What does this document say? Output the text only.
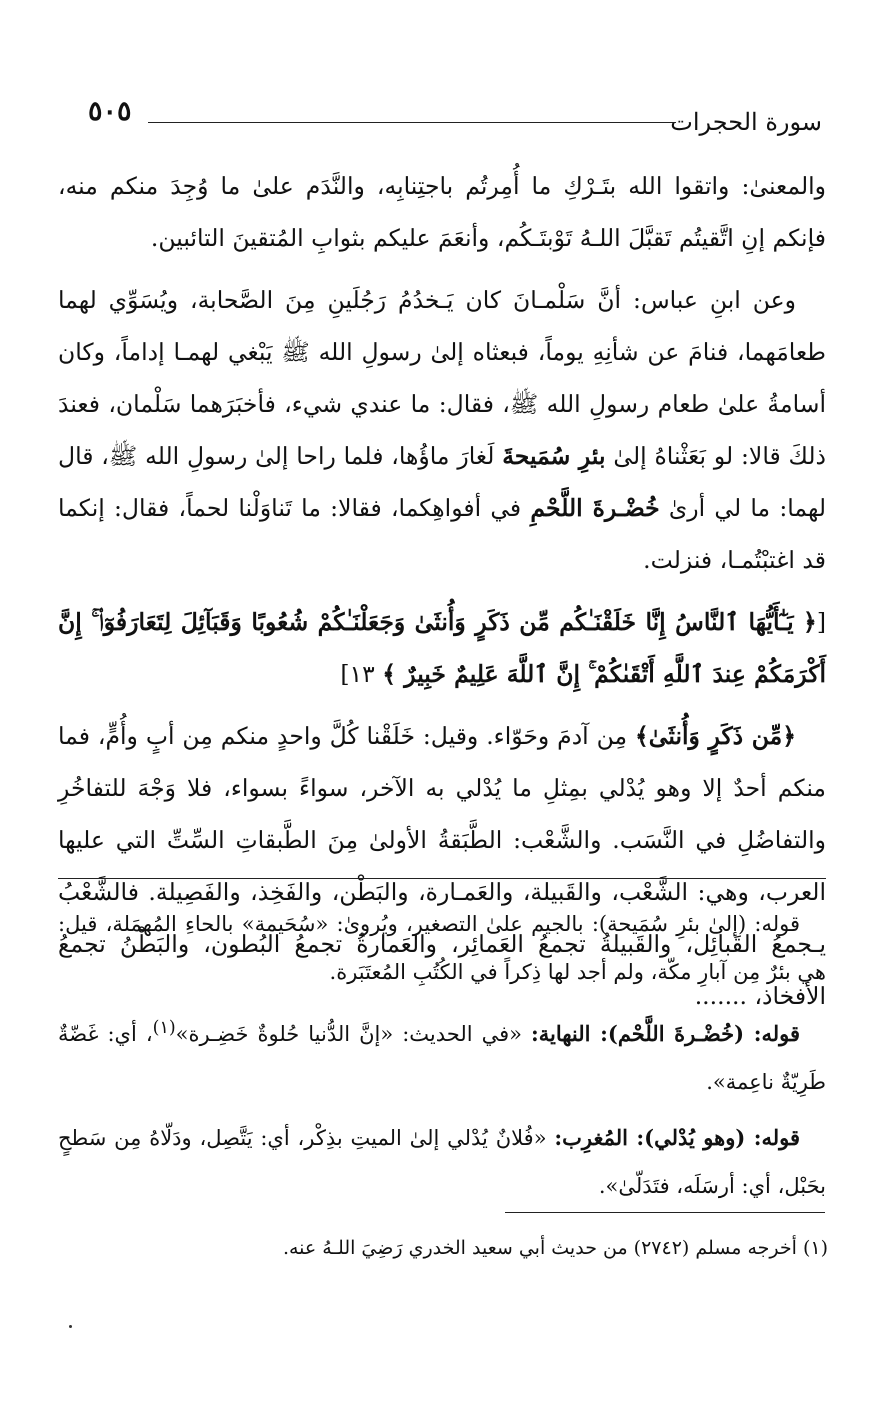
٥٠٥	سورة الحجرات

والمعنىٰ: واتقوا الله بتَـرْكِ ما أُمِرتُم باجتِنابِه، والنَّدَم علىٰ ما وُجِدَ منكم منه، فإنكم إنِ اتَّقيتُم تَقبَّلَ اللـهُ تَوْبتَـكُم، وأنعَمَ عليكم بثوابِ المُتقينَ التائبين.

وعن ابنِ عباس: أنَّ سَلْمـانَ كان يَـخدُمُ رَجُلَينِ مِنَ الصَّحابة، ويُسَوِّي لهما طعامَهما، فنامَ عن شأنِهِ يوماً، فبعثاه إلىٰ رسولِ الله ﷺ يَبْغي لهمـا إداماً، وكان أسامةُ علىٰ طعام رسولِ الله ﷺ، فقال: ما عندي شيء، فأخبَرَهما سَلْمان، فعندَ ذلكَ قالا: لو بَعَثْناهُ إلىٰ بئرِ سُمَيحةَ لَغارَ ماؤُها، فلما راحا إلىٰ رسولِ الله ﷺ، قال لهما: ما لي أرىٰ خُضْـرةَ اللَّحْمِ في أفواهِكما، فقالا: ما تَناوَلْنا لحماً، فقال: إنكما قد اغتبْتُمـا، فنزلت.

[﴿ يَـٰٓأَيُّهَا ٱلنَّاسُ إِنَّا خَلَقْنَـٰكُم مِّن ذَكَرٍ وَأُنثَىٰ وَجَعَلْنَـٰكُمْ شُعُوبًا وَقَبَآئِلَ لِتَعَارَفُوٓا۟ ۚ إِنَّ أَكْرَمَكُمْ عِندَ ٱللَّهِ أَتْقَىٰكُمْ ۚ إِنَّ ٱللَّهَ عَلِيمٌ خَبِيرٌ ﴾ ١٣]

﴿مِّن ذَكَرٍ وَأُنثَىٰ﴾ مِن آدمَ وحَوّاء. وقيل: خَلَقْنا كُلَّ واحدٍ منكم مِن أبٍ وأُمٍّ، فما منكم أحدٌ إلا وهو يُدْلي بمِثلِ ما يُدْلي به الآخر، سواءً بسواء، فلا وَجْهَ للتفاخُرِ والتفاضُلِ في النَّسَب. والشَّعْب: الطَّبَقةُ الأولىٰ مِنَ الطَّبقاتِ السِّتِّ التي عليها العرب، وهي: الشَّعْب، والقَبيلة، والعَمـارة، والبَطْن، والفَخِذ، والفَصِيلة. فالشَّعْبُ يـجمعُ القَبائِل، والقَبيلةُ تجمعُ العَمائِر، والعَمارةُ تجمعُ البُطون، والبَطْنُ تجمعُ الأفخاذ، .......

قوله: (إلىٰ بئرِ سُمَيحة): بالجيم علىٰ التصغير، ويُروىٰ: «سُحَيمة» بالحاءِ المُهمَلة، قيل: هي بئرٌ مِن آبارِ مكّة، ولم أجد لها ذِكراً في الكُتُبِ المُعتَبَرة.

قوله: (خُضْـرةَ اللَّحْم): النهاية: «في الحديث: «إنَّ الدُّنيا حُلوةٌ خَضِـرة»$^{(١)}$، أي: غَضّةٌ طَرِيّةٌ ناعِمة».

قوله: (وهو يُدْلي): المُغرِب: «فُلانٌ يُدْلي إلىٰ الميتِ بذِكْر، أي: يَتَّصِل، ودَلّاهُ مِن سَطحٍ بحَبْل، أي: أرسَلَه، فتَدَلّىٰ».

(١) أخرجه مسلم (٢٧٤٢) من حديث أبي سعيد الخدري رَضِيَ اللـهُ عنه.
